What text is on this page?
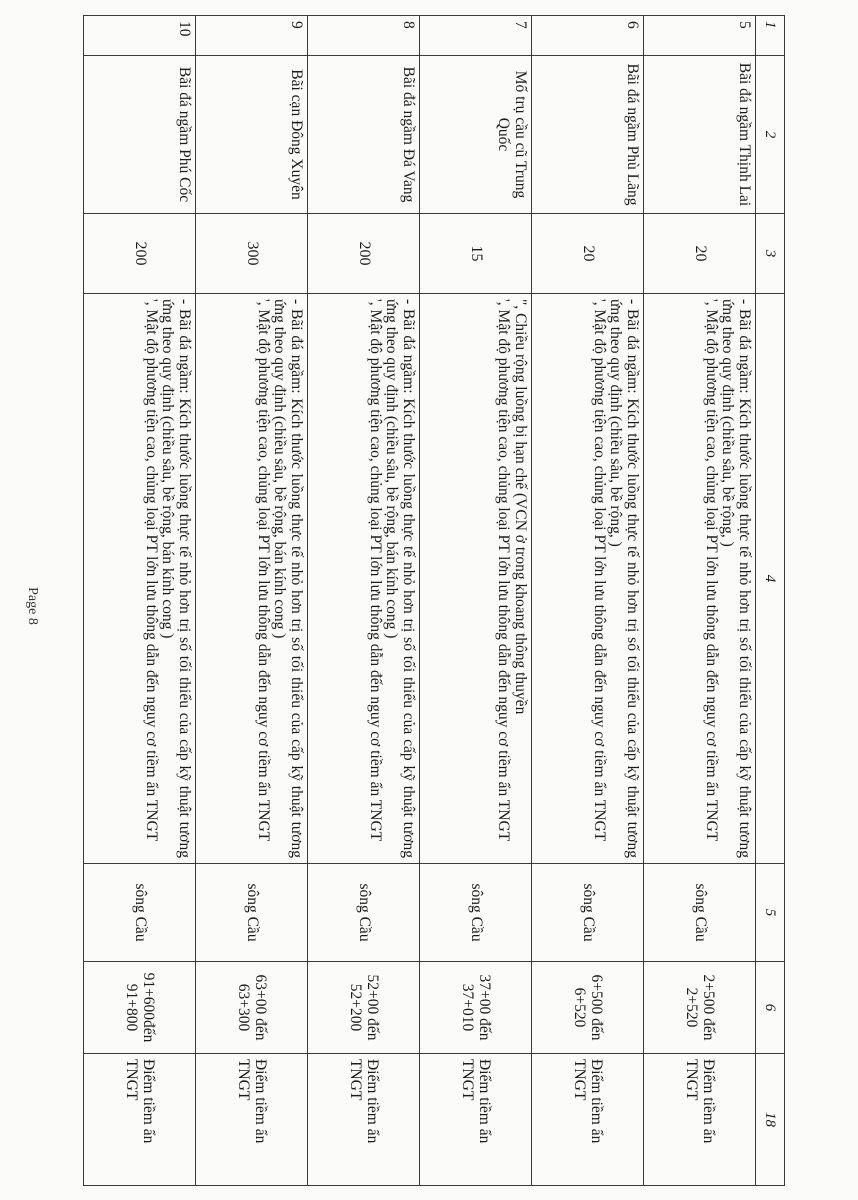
1	2	3	4	5	6	18
5	Bãi đá ngầm Thịnh Lai	20	- Bãi đá ngầm: Kích thước luồng thực tế nhỏ hơn trị số tối thiểu của cấp kỹ thuật tương ứng theo quy định (chiều sâu, bề rộng, )
', Mật độ phương tiện cao, chủng loại PT lớn lưu thông dẫn đến nguy cơ tiềm ẩn TNGT	sông Cầu	2+500 đến 2+520	Điểm tiềm ẩn TNGT
6	Bãi đá ngầm Phù Lãng	20	- Bãi đá ngầm: Kích thước luồng thực tế nhỏ hơn trị số tối thiểu của cấp kỹ thuật tương ứng theo quy định (chiều sâu, bề rộng, )
', Mật độ phương tiện cao, chủng loại PT lớn lưu thông dẫn đến nguy cơ tiềm ẩn TNGT	sông Cầu	6+500 đến 6+520	Điểm tiềm ẩn TNGT
7	Mố trụ cầu cũ Trung Quốc	15	", Chiều rộng luồng bị hạn chế (VCN ở trong khoang thông thuyền
', Mật độ phương tiện cao, chủng loại PT lớn lưu thông dẫn đến nguy cơ tiềm ẩn TNGT	sông Cầu	37+00 đến 37+010	Điểm tiềm ẩn TNGT
8	Bãi đá ngầm Đá Vang	200	- Bãi đá ngầm: Kích thước luồng thực tế nhỏ hơn trị số tối thiểu của cấp kỹ thuật tương ứng theo quy định (chiều sâu, bề rộng, bán kính cong )
', Mật độ phương tiện cao, chủng loại PT lớn lưu thông dẫn đến nguy cơ tiềm ẩn TNGT	sông Cầu	52+00 đến 52+200	Điểm tiềm ẩn TNGT
9	Bãi cạn Đông Xuyên	300	- Bãi đá ngầm: Kích thước luồng thực tế nhỏ hơn trị số tối thiểu của cấp kỹ thuật tương ứng theo quy định (chiều sâu, bề rộng, bán kính cong )
', Mật độ phương tiện cao, chủng loại PT lớn lưu thông dẫn đến nguy cơ tiềm ẩn TNGT	sông Cầu	63+00 đến 63+300	Điểm tiềm ẩn TNGT
10	Bãi đá ngầm Phú Cốc	200	- Bãi đá ngầm: Kích thước luồng thực tế nhỏ hơn trị số tối thiểu của cấp kỹ thuật tương ứng theo quy định (chiều sâu, bề rộng, bán kính cong )
', Mật độ phương tiện cao, chủng loại PT lớn lưu thông dẫn đến nguy cơ tiềm ẩn TNGT	sông Cầu	91+600đến 91+800	Điểm tiềm ẩn TNGT
Page 8
